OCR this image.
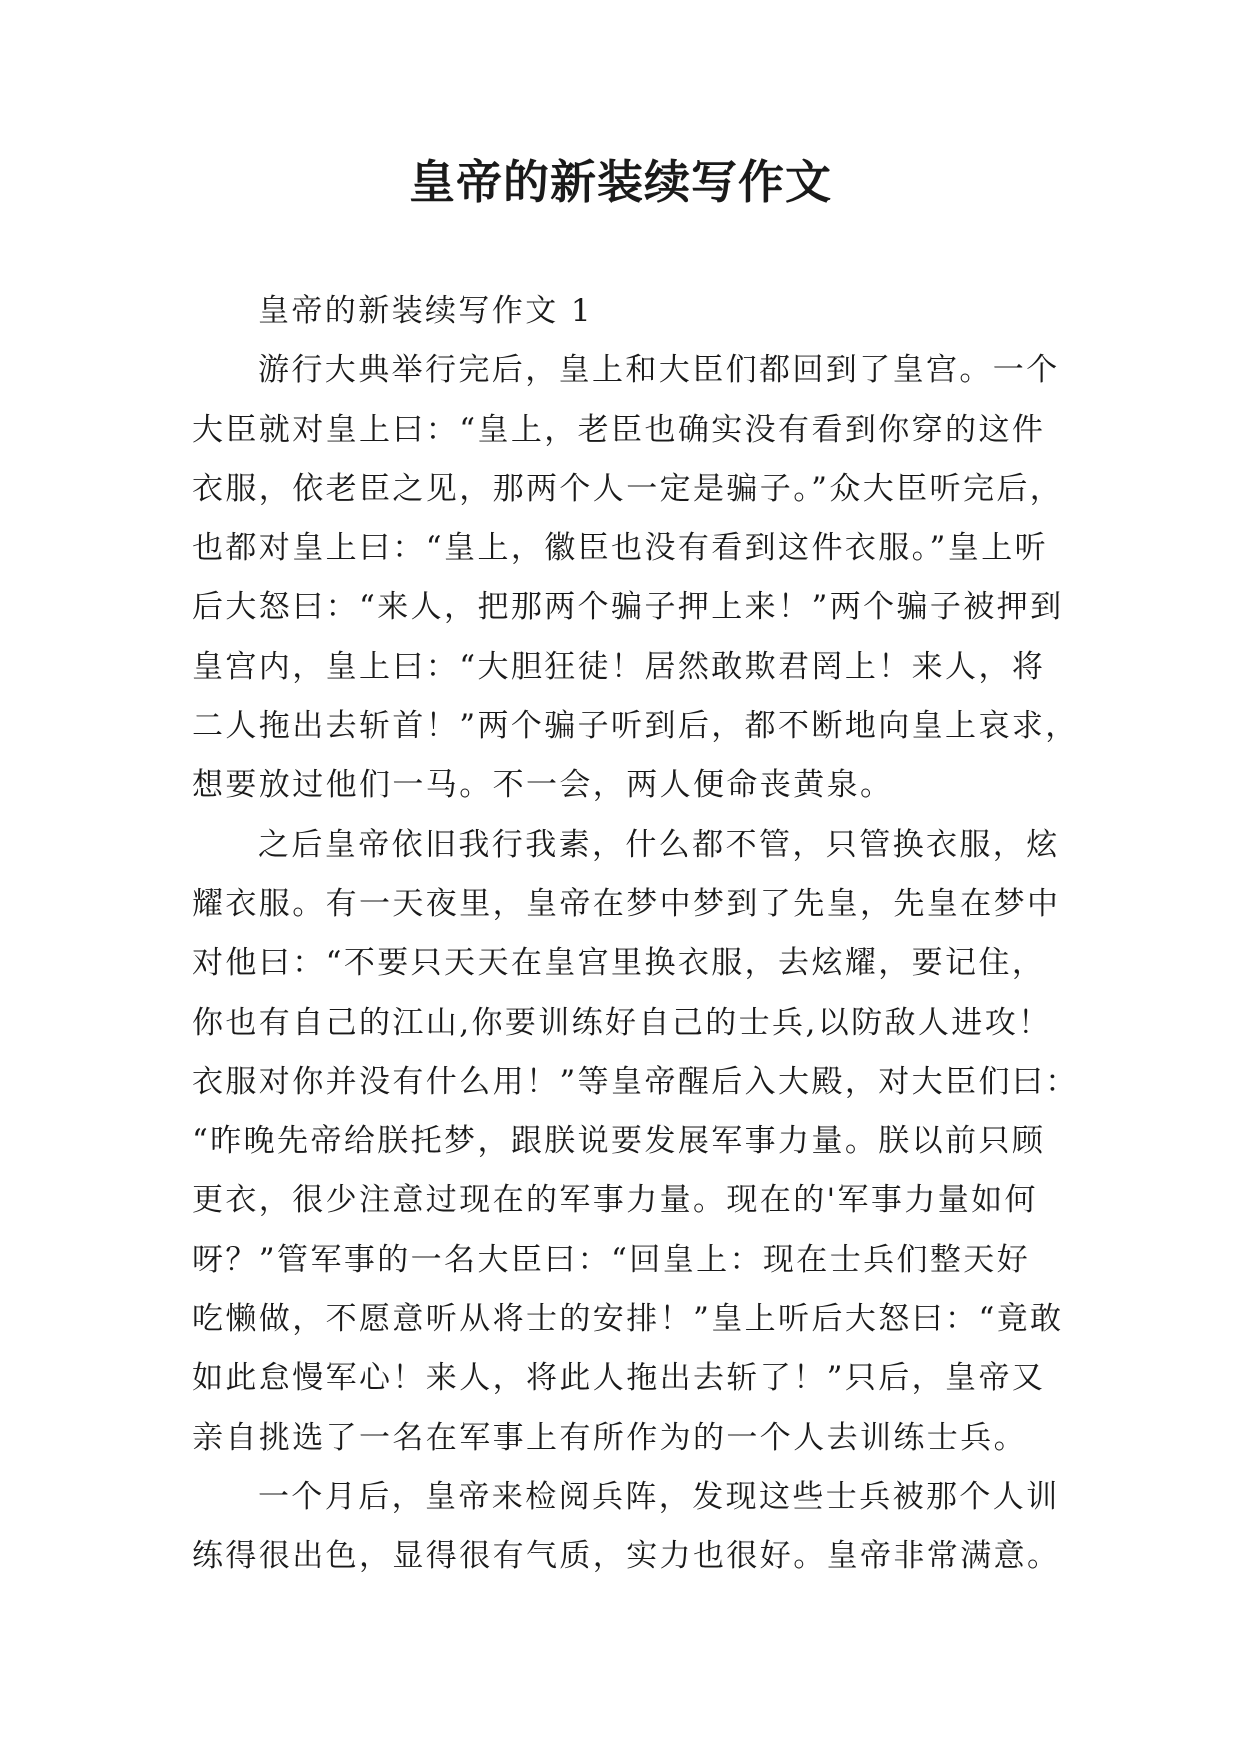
皇帝的新装续写作文
皇帝的新装续写作文 1
游行大典举行完后，皇上和大臣们都回到了皇宫。一个
大臣就对皇上曰：“皇上，老臣也确实没有看到你穿的这件
衣服，依老臣之见，那两个人一定是骗子。”众大臣听完后，
也都对皇上曰：“皇上，徽臣也没有看到这件衣服。”皇上听
后大怒曰：“来人，把那两个骗子押上来！”两个骗子被押到
皇宫内，皇上曰：“大胆狂徒！居然敢欺君罔上！来人，将
二人拖出去斩首！”两个骗子听到后，都不断地向皇上哀求，
想要放过他们一马。不一会，两人便命丧黄泉。
之后皇帝依旧我行我素，什么都不管，只管换衣服，炫
耀衣服。有一天夜里，皇帝在梦中梦到了先皇，先皇在梦中
对他曰：“不要只天天在皇宫里换衣服，去炫耀，要记住，
你也有自己的江山,你要训练好自己的士兵,以防敌人进攻！
衣服对你并没有什么用！”等皇帝醒后入大殿，对大臣们曰：
“昨晚先帝给朕托梦，跟朕说要发展军事力量。朕以前只顾
更衣，很少注意过现在的军事力量。现在的'军事力量如何
呀？”管军事的一名大臣曰：“回皇上：现在士兵们整天好
吃懒做，不愿意听从将士的安排！”皇上听后大怒曰：“竟敢
如此怠慢军心！来人，将此人拖出去斩了！”只后，皇帝又
亲自挑选了一名在军事上有所作为的一个人去训练士兵。
一个月后，皇帝来检阅兵阵，发现这些士兵被那个人训
练得很出色，显得很有气质，实力也很好。皇帝非常满意。
